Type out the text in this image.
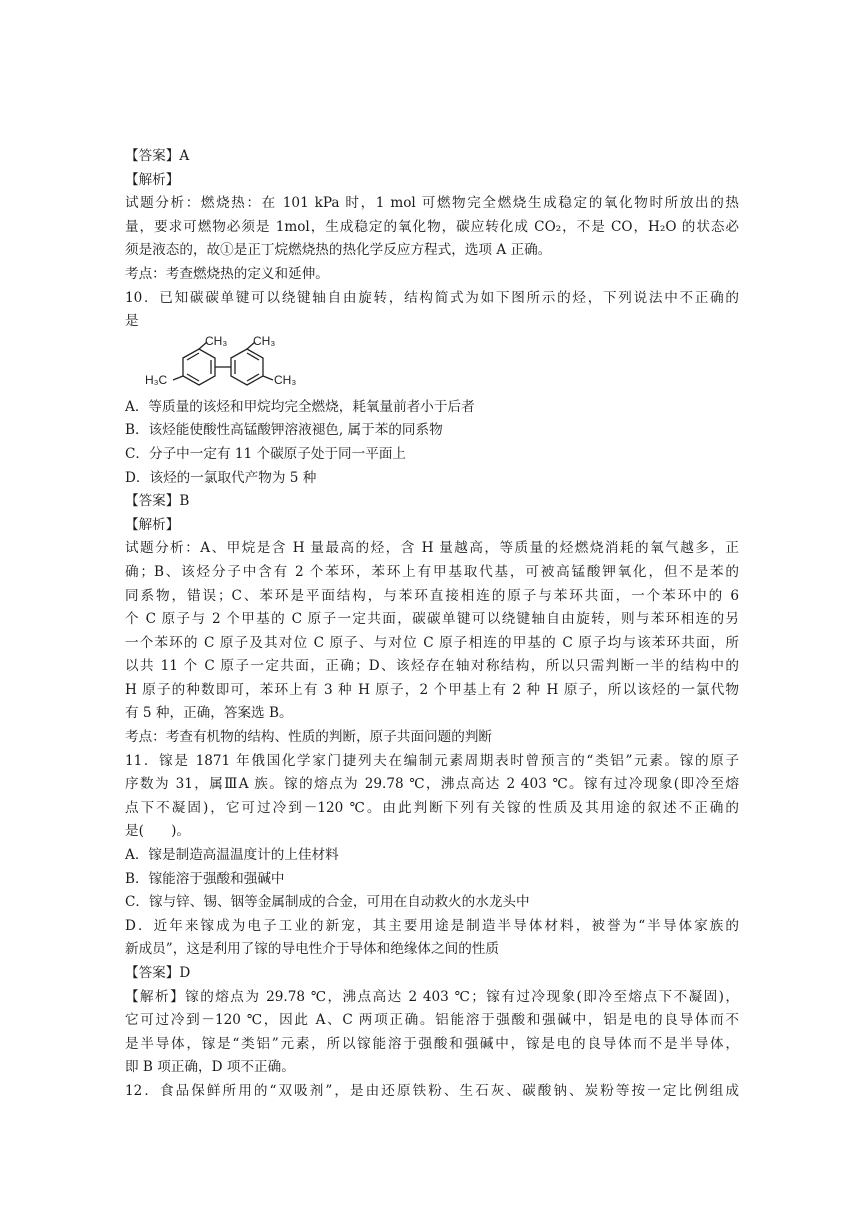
【答案】A
【解析】
试题分析：燃烧热：在 101 kPa 时，1 mol 可燃物完全燃烧生成稳定的氧化物时所放出的热
量，要求可燃物必须是 1mol，生成稳定的氧化物，碳应转化成 CO₂，不是 CO，H₂O 的状态必
须是液态的，故①是正丁烷燃烧热的热化学反应方程式，选项 A 正确。
考点：考查燃烧热的定义和延伸。
10．已知碳碳单键可以绕键轴自由旋转，结构简式为如下图所示的烃，下列说法中不正确的
是
CH₃ CH₃
H₃C	CH₃
A．等质量的该烃和甲烷均完全燃烧，耗氧量前者小于后者
B．该烃能使酸性高锰酸钾溶液褪色, 属于苯的同系物
C．分子中一定有 11 个碳原子处于同一平面上
D．该烃的一氯取代产物为 5 种
【答案】B
【解析】
试题分析：A、甲烷是含 H 量最高的烃，含 H 量越高，等质量的烃燃烧消耗的氧气越多，正
确；B、该烃分子中含有 2 个苯环，苯环上有甲基取代基，可被高锰酸钾氧化，但不是苯的
同系物，错误；C、苯环是平面结构，与苯环直接相连的原子与苯环共面，一个苯环中的 6
个 C 原子与 2 个甲基的 C 原子一定共面，碳碳单键可以绕键轴自由旋转，则与苯环相连的另
一个苯环的 C 原子及其对位 C 原子、与对位 C 原子相连的甲基的 C 原子均与该苯环共面，所
以共 11 个 C 原子一定共面，正确；D、该烃存在轴对称结构，所以只需判断一半的结构中的
H 原子的种数即可，苯环上有 3 种 H 原子，2 个甲基上有 2 种 H 原子，所以该烃的一氯代物
有 5 种，正确，答案选 B。
考点：考查有机物的结构、性质的判断，原子共面问题的判断
11．镓是 1871 年俄国化学家门捷列夫在编制元素周期表时曾预言的“类铝”元素。镓的原子
序数为 31，属ⅢA 族。镓的熔点为 29.78 ℃，沸点高达 2 403 ℃。镓有过冷现象(即冷至熔
点下不凝固)，它可过冷到－120 ℃。由此判断下列有关镓的性质及其用途的叙述不正确的
是(　　)。
A．镓是制造高温温度计的上佳材料
B．镓能溶于强酸和强碱中
C．镓与锌、锡、铟等金属制成的合金，可用在自动救火的水龙头中
D．近年来镓成为电子工业的新宠，其主要用途是制造半导体材料，被誉为“半导体家族的
新成员”，这是利用了镓的导电性介于导体和绝缘体之间的性质
【答案】D
【解析】镓的熔点为 29.78 ℃，沸点高达 2 403 ℃；镓有过冷现象(即冷至熔点下不凝固)，
它可过冷到－120 ℃，因此 A、C 两项正确。铝能溶于强酸和强碱中，铝是电的良导体而不
是半导体，镓是“类铝”元素，所以镓能溶于强酸和强碱中，镓是电的良导体而不是半导体，
即 B 项正确，D 项不正确。
12．食品保鲜所用的“双吸剂”，是由还原铁粉、生石灰、碳酸钠、炭粉等按一定比例组成
